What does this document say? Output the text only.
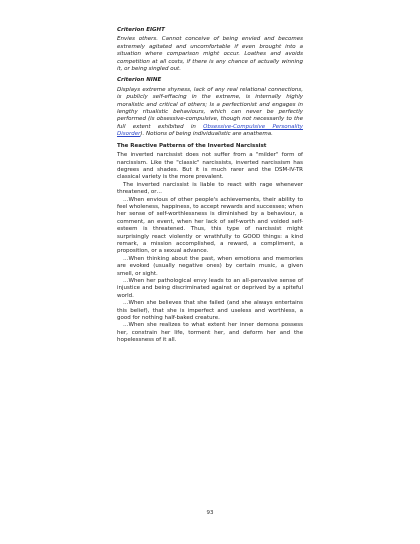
Criterion EIGHT

Envies others. Cannot conceive of being envied and becomes extremely agitated and uncomfortable if even brought into a situation where comparison might occur. Loathes and avoids competition at all costs, if there is any chance of actually winning it, or being singled out.

Criterion NINE

Displays extreme shyness, lack of any real relational connections, is publicly self-effacing in the extreme, is internally highly moralistic and critical of others; Is a perfectionist and engages in lengthy ritualistic behaviours, which can never be perfectly performed (is obsessive-compulsive, though not necessarily to the full extent exhibited in Obsessive-Compulsive Personality Disorder). Notions of being individualistic are anathema.

The Reactive Patterns of the Inverted Narcissist

The inverted narcissist does not suffer from a "milder" form of narcissism. Like the "classic" narcissists, inverted narcissism has degrees and shades. But it is much rarer and the DSM-IV-TR classical variety is the more prevalent.

The inverted narcissist is liable to react with rage whenever threatened, or…

…When envious of other people's achievements, their ability to feel wholeness, happiness, to accept rewards and successes; when her sense of self-worthlessness is diminished by a behaviour, a comment, an event, when her lack of self-worth and voided self-esteem is threatened. Thus, this type of narcissist might surprisingly react violently or wrathfully to GOOD things: a kind remark, a mission accomplished, a reward, a compliment, a proposition, or a sexual advance.

…When thinking about the past, when emotions and memories are evoked (usually negative ones) by certain music, a given smell, or sight.

…When her pathological envy leads to an all-pervasive sense of injustice and being discriminated against or deprived by a spiteful world.

…When she believes that she failed (and she always entertains this belief), that she is imperfect and useless and worthless, a good for nothing half-baked creature.

…When she realizes to what extent her inner demons possess her, constrain her life, torment her, and deform her and the hopelessness of it all.

93
